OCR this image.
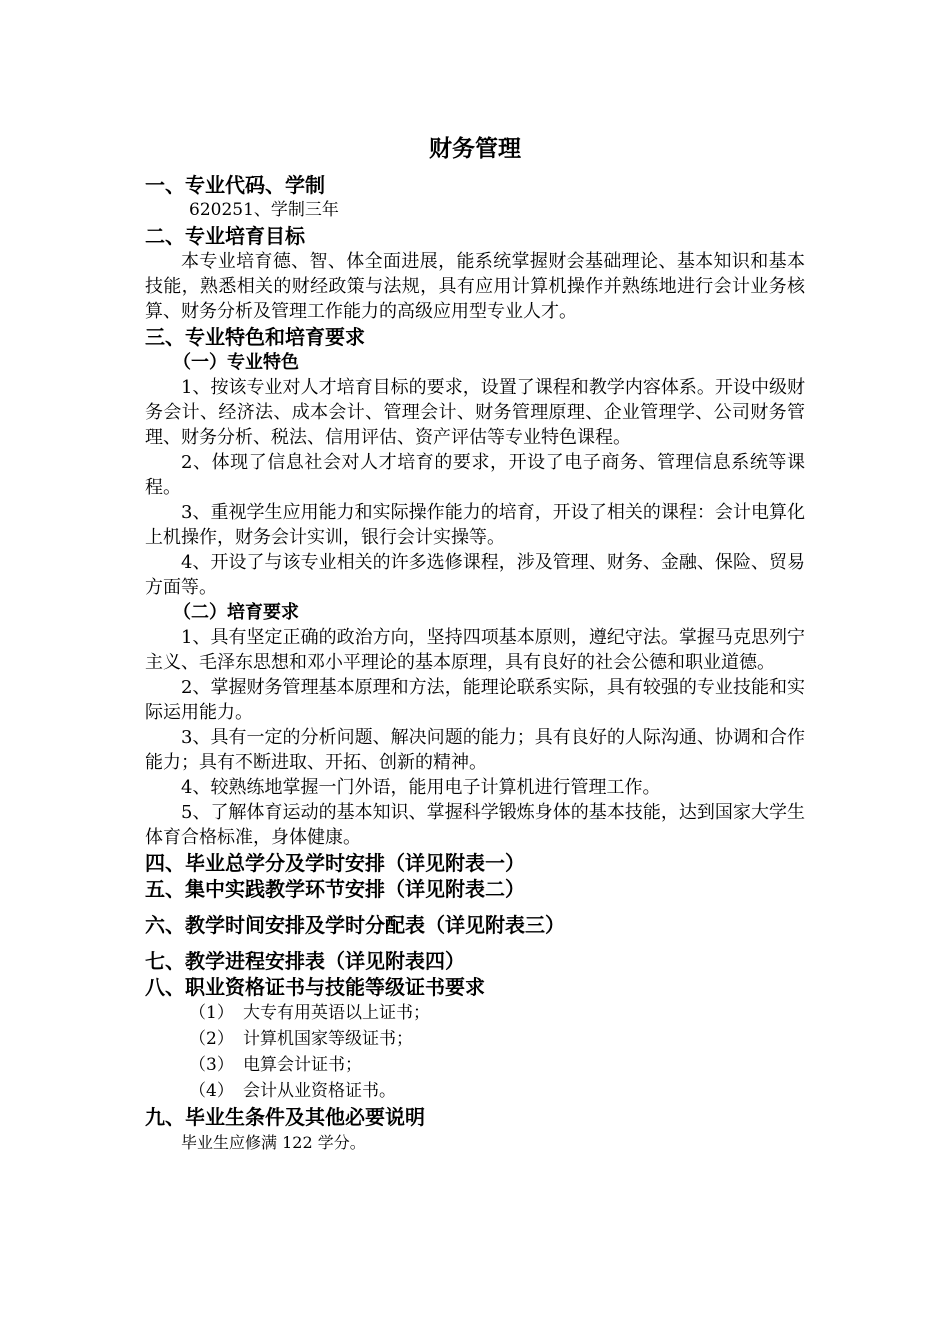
财务管理
一、专业代码、学制
620251、学制三年
二、专业培育目标

本专业培育德、智、体全面进展，能系统掌握财会基础理论、基本知识和基本技能，熟悉相关的财经政策与法规，具有应用计算机操作并熟练地进行会计业务核算、财务分析及管理工作能力的高级应用型专业人才。

三、专业特色和培育要求
（一）专业特色

1、按该专业对人才培育目标的要求，设置了课程和教学内容体系。开设中级财务会计、经济法、成本会计、管理会计、财务管理原理、企业管理学、公司财务管理、财务分析、税法、信用评估、资产评估等专业特色课程。

2、体现了信息社会对人才培育的要求，开设了电子商务、管理信息系统等课程。

3、重视学生应用能力和实际操作能力的培育，开设了相关的课程：会计电算化上机操作，财务会计实训，银行会计实操等。

4、开设了与该专业相关的许多选修课程，涉及管理、财务、金融、保险、贸易方面等。

（二）培育要求

1、具有坚定正确的政治方向，坚持四项基本原则，遵纪守法。掌握马克思列宁主义、毛泽东思想和邓小平理论的基本原理，具有良好的社会公德和职业道德。

2、掌握财务管理基本原理和方法，能理论联系实际，具有较强的专业技能和实际运用能力。

3、具有一定的分析问题、解决问题的能力；具有良好的人际沟通、协调和合作能力；具有不断进取、开拓、创新的精神。

4、较熟练地掌握一门外语，能用电子计算机进行管理工作。

5、了解体育运动的基本知识、掌握科学锻炼身体的基本技能，达到国家大学生体育合格标准，身体健康。

四、毕业总学分及学时安排（详见附表一）
五、集中实践教学环节安排（详见附表二）
六、教学时间安排及学时分配表（详见附表三）
七、教学进程安排表（详见附表四）
八、职业资格证书与技能等级证书要求
（1） 大专有用英语以上证书；
（2） 计算机国家等级证书；
（3） 电算会计证书；
（4） 会计从业资格证书。
九、毕业生条件及其他必要说明
毕业生应修满 122 学分。
